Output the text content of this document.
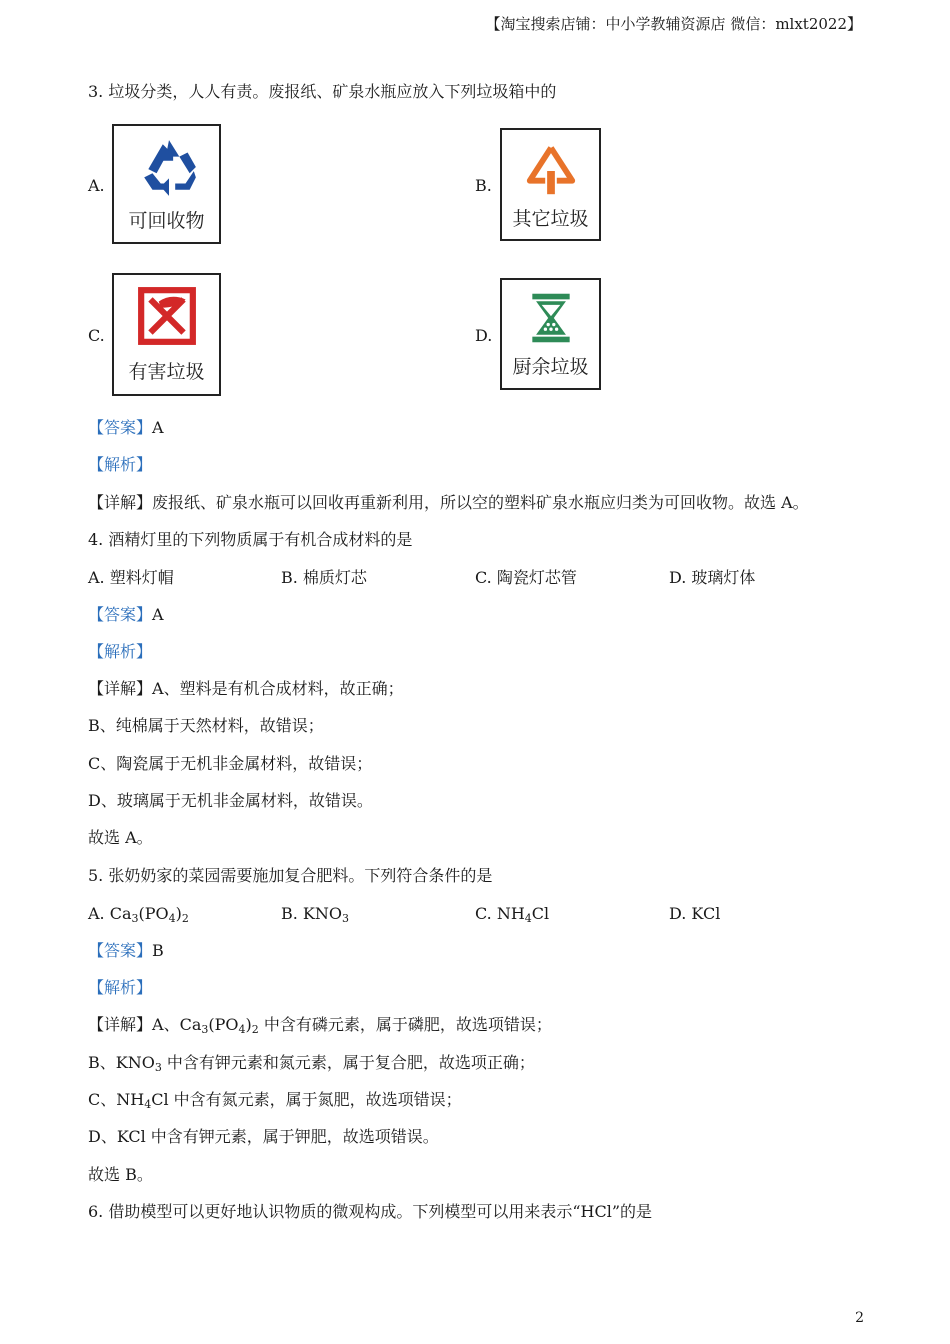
【淘宝搜索店铺：中小学教辅资源店 微信：mlxt2022】
3. 垃圾分类，人人有责。废报纸、矿泉水瓶应放入下列垃圾箱中的
A.
可回收物
B.
其它垃圾
C.
有害垃圾
D.
厨余垃圾
【答案】A
【解析】
【详解】废报纸、矿泉水瓶可以回收再重新利用，所以空的塑料矿泉水瓶应归类为可回收物。故选 A。
4. 酒精灯里的下列物质属于有机合成材料的是
A. 塑料灯帽	B. 棉质灯芯	C. 陶瓷灯芯管	D. 玻璃灯体
【答案】A
【解析】
【详解】A、塑料是有机合成材料，故正确；
B、纯棉属于天然材料，故错误；
C、陶瓷属于无机非金属材料，故错误；
D、玻璃属于无机非金属材料，故错误。
故选 A。
5. 张奶奶家的菜园需要施加复合肥料。下列符合条件的是
A. $Ca_3(PO_4)_2$	B. $KNO_3$	C. $NH_4Cl$	D. KCl
【答案】B
【解析】
【详解】A、$Ca_3(PO_4)_2$ 中含有磷元素，属于磷肥，故选项错误；
B、$KNO_3$ 中含有钾元素和氮元素，属于复合肥，故选项正确；
C、$NH_4Cl$ 中含有氮元素，属于氮肥，故选项错误；
D、KCl 中含有钾元素，属于钾肥，故选项错误。
故选 B。
6. 借助模型可以更好地认识物质的微观构成。下列模型可以用来表示“HCl”的是
2
